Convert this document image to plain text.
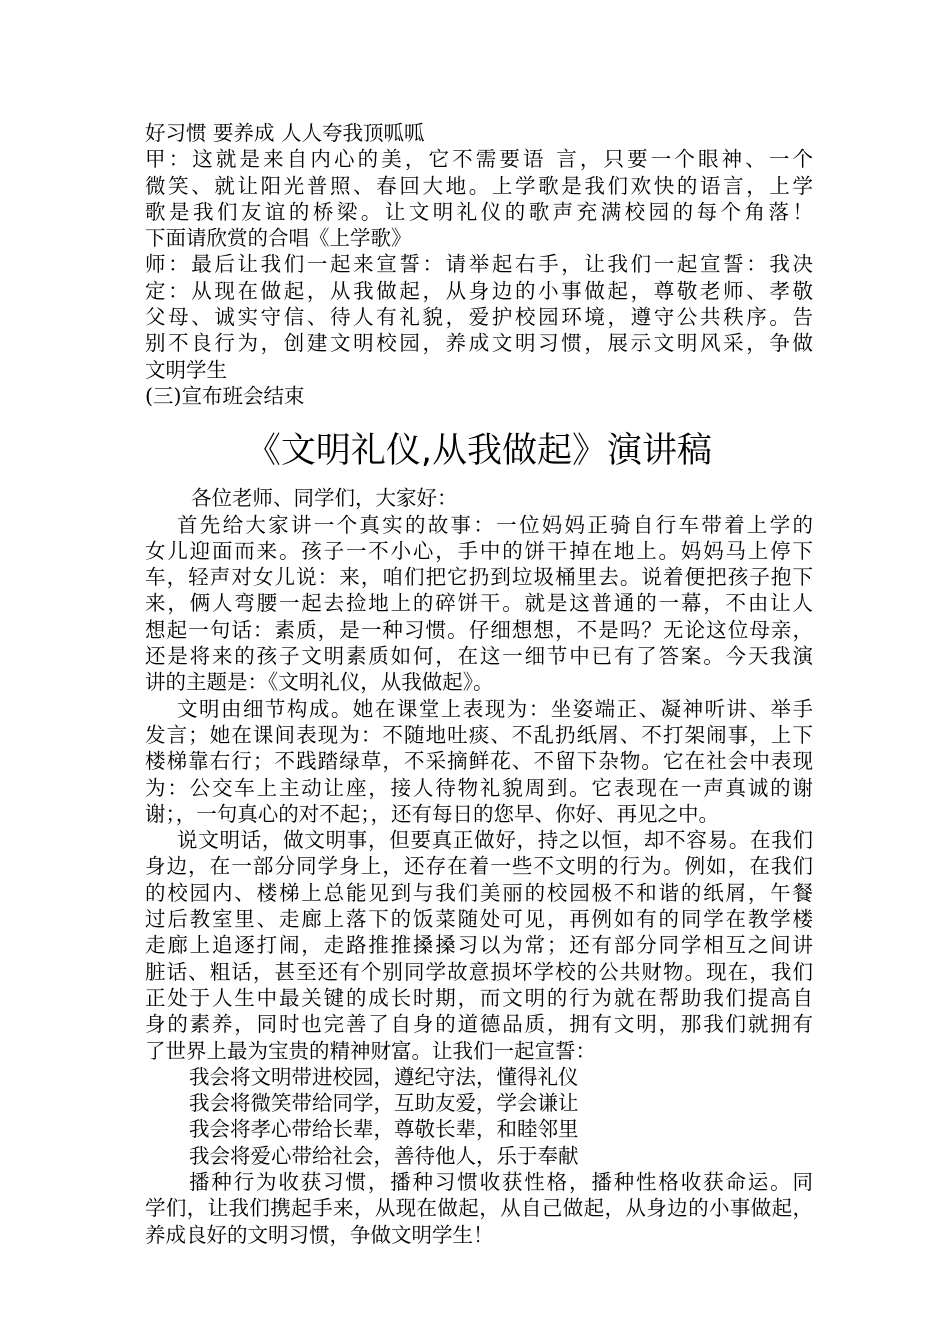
好习惯 要养成 人人夸我顶呱呱
甲：这就是来自内心的美，它不需要语 言，只要一个眼神、一个
微笑、就让阳光普照、春回大地。上学歌是我们欢快的语言，上学
歌是我们友谊的桥梁。让文明礼仪的歌声充满校园的每个角落！
下面请欣赏的合唱《上学歌》
师：最后让我们一起来宣誓：请举起右手，让我们一起宣誓：我决
定：从现在做起，从我做起，从身边的小事做起，尊敬老师、孝敬
父母、诚实守信、待人有礼貌，爱护校园环境，遵守公共秩序。告
别不良行为，创建文明校园，养成文明习惯，展示文明风采，争做
文明学生
(三)宣布班会结束
《文明礼仪,从我做起》演讲稿
各位老师、同学们，大家好：
首先给大家讲一个真实的故事：一位妈妈正骑自行车带着上学的
女儿迎面而来。孩子一不小心，手中的饼干掉在地上。妈妈马上停下
车，轻声对女儿说：来，咱们把它扔到垃圾桶里去。说着便把孩子抱下
来，俩人弯腰一起去捡地上的碎饼干。就是这普通的一幕，不由让人
想起一句话：素质，是一种习惯。仔细想想，不是吗？无论这位母亲，
还是将来的孩子文明素质如何，在这一细节中已有了答案。今天我演
讲的主题是：《文明礼仪，从我做起》。
文明由细节构成。她在课堂上表现为：坐姿端正、凝神听讲、举手
发言；她在课间表现为：不随地吐痰、不乱扔纸屑、不打架闹事，上下
楼梯靠右行；不践踏绿草，不采摘鲜花、不留下杂物。它在社会中表现
为：公交车上主动让座，接人待物礼貌周到。它表现在一声真诚的谢
谢；，一句真心的对不起；，还有每日的您早、你好、再见之中。
说文明话，做文明事，但要真正做好，持之以恒，却不容易。在我们
身边，在一部分同学身上，还存在着一些不文明的行为。例如，在我们
的校园内、楼梯上总能见到与我们美丽的校园极不和谐的纸屑，午餐
过后教室里、走廊上落下的饭菜随处可见，再例如有的同学在教学楼
走廊上追逐打闹，走路推推搡搡习以为常；还有部分同学相互之间讲
脏话、粗话，甚至还有个别同学故意损坏学校的公共财物。现在，我们
正处于人生中最关键的成长时期，而文明的行为就在帮助我们提高自
身的素养，同时也完善了自身的道德品质，拥有文明，那我们就拥有
了世界上最为宝贵的精神财富。让我们一起宣誓：
我会将文明带进校园，遵纪守法，懂得礼仪
我会将微笑带给同学，互助友爱，学会谦让
我会将孝心带给长辈，尊敬长辈，和睦邻里
我会将爱心带给社会，善待他人，乐于奉献
播种行为收获习惯，播种习惯收获性格，播种性格收获命运。同
学们，让我们携起手来，从现在做起，从自己做起，从身边的小事做起，
养成良好的文明习惯，争做文明学生！
